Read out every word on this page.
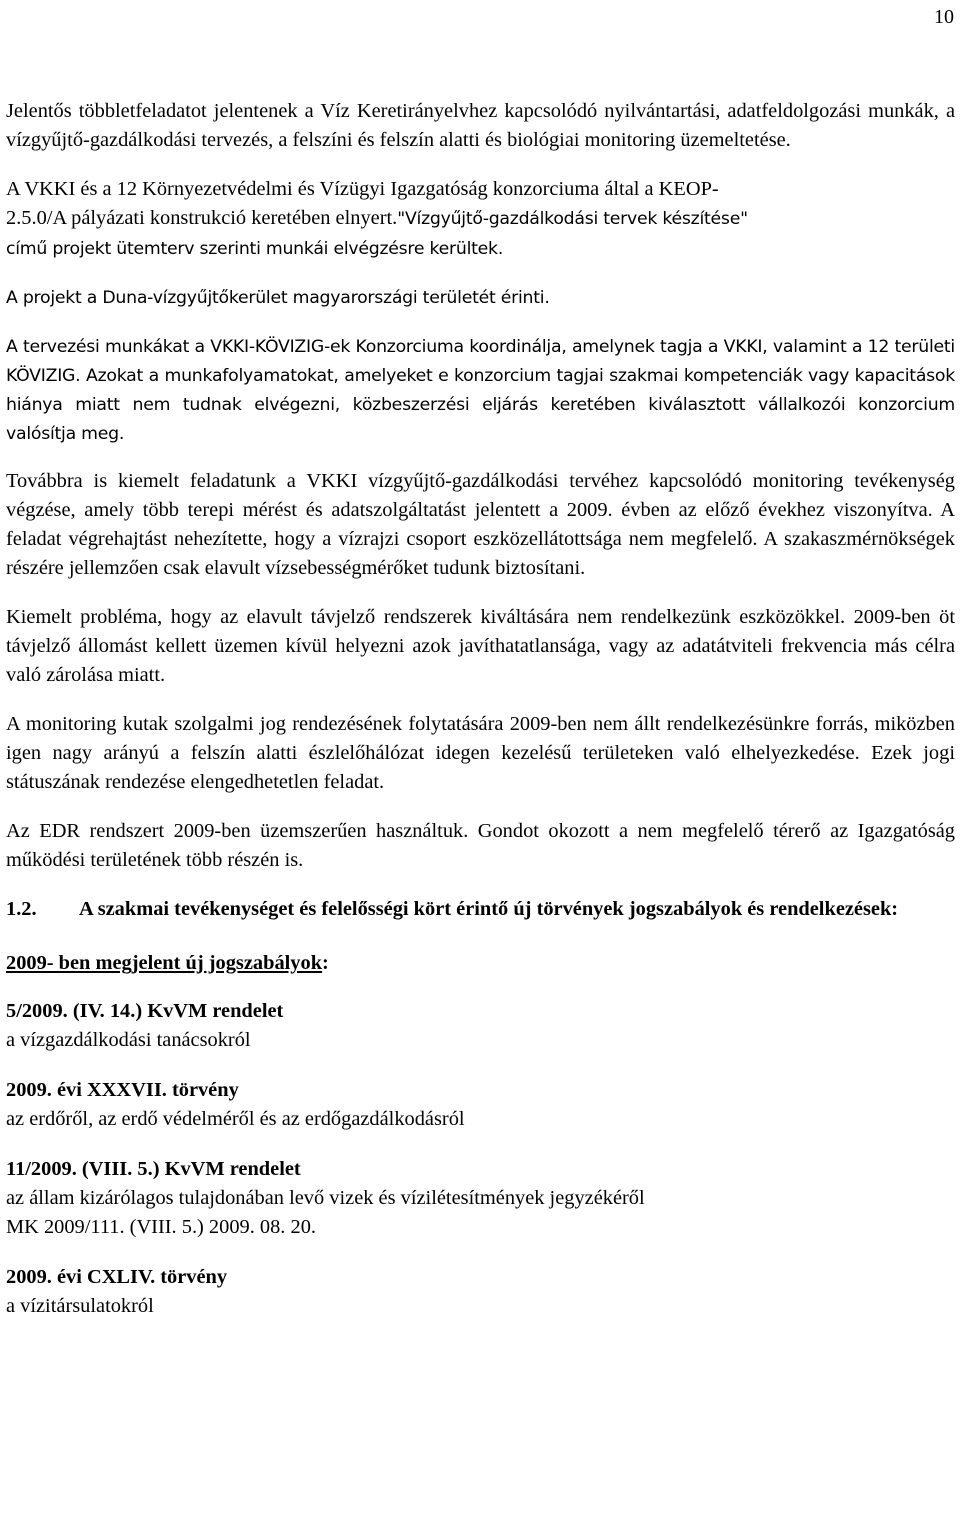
10

Jelentős többletfeladatot jelentenek a Víz Keretirányelvhez kapcsolódó nyilvántartási, adatfeldolgozási munkák, a vízgyűjtő-gazdálkodási tervezés, a felszíni és felszín alatti és biológiai monitoring üzemeltetése.

A VKKI és a 12 Környezetvédelmi és Vízügyi Igazgatóság konzorciuma által a KEOP-
2.5.0/A pályázati konstrukció keretében elnyert."Vízgyűjtő-gazdálkodási tervek készítése"
című projekt ütemterv szerinti munkái elvégzésre kerültek.

A projekt a Duna-vízgyűjtőkerület magyarországi területét érinti.

A tervezési munkákat a VKKI-KÖVIZIG-ek Konzorciuma koordinálja, amelynek tagja a VKKI, valamint a 12 területi KÖVIZIG. Azokat a munkafolyamatokat, amelyeket e konzorcium tagjai szakmai kompetenciák vagy kapacitások hiánya miatt nem tudnak elvégezni, közbeszerzési eljárás keretében kiválasztott vállalkozói konzorcium valósítja meg.

Továbbra is kiemelt feladatunk a VKKI vízgyűjtő-gazdálkodási tervéhez kapcsolódó monitoring tevékenység végzése, amely több terepi mérést és adatszolgáltatást jelentett a 2009. évben az előző évekhez viszonyítva. A feladat végrehajtást nehezítette, hogy a vízrajzi csoport eszközellátottsága nem megfelelő. A szakaszmérnökségek részére jellemzően csak elavult vízsebességmérőket tudunk biztosítani.

Kiemelt probléma, hogy az elavult távjelző rendszerek kiváltására nem rendelkezünk eszközökkel. 2009-ben öt távjelző állomást kellett üzemen kívül helyezni azok javíthatatlansága, vagy az adatátviteli frekvencia más célra való zárolása miatt.

A monitoring kutak szolgalmi jog rendezésének folytatására 2009-ben nem állt rendelkezésünkre forrás, miközben igen nagy arányú a felszín alatti észlelőhálózat idegen kezelésű területeken való elhelyezkedése. Ezek jogi státuszának rendezése elengedhetetlen feladat.

Az EDR rendszert 2009-ben üzemszerűen használtuk. Gondot okozott a nem megfelelő térerő az Igazgatóság működési területének több részén is.

1.2.	A szakmai tevékenységet és felelősségi kört érintő új törvények jogszabályok és rendelkezések:
2009- ben megjelent új jogszabályok:
5/2009. (IV. 14.) KvVM rendelet
a vízgazdálkodási tanácsokról
2009. évi XXXVII. törvény
az erdőről, az erdő védelméről és az erdőgazdálkodásról
11/2009. (VIII. 5.) KvVM rendelet
az állam kizárólagos tulajdonában levő vizek és vízilétesítmények jegyzékéről
MK 2009/111. (VIII. 5.) 2009. 08. 20.
2009. évi CXLIV. törvény
a vízitársulatokról
